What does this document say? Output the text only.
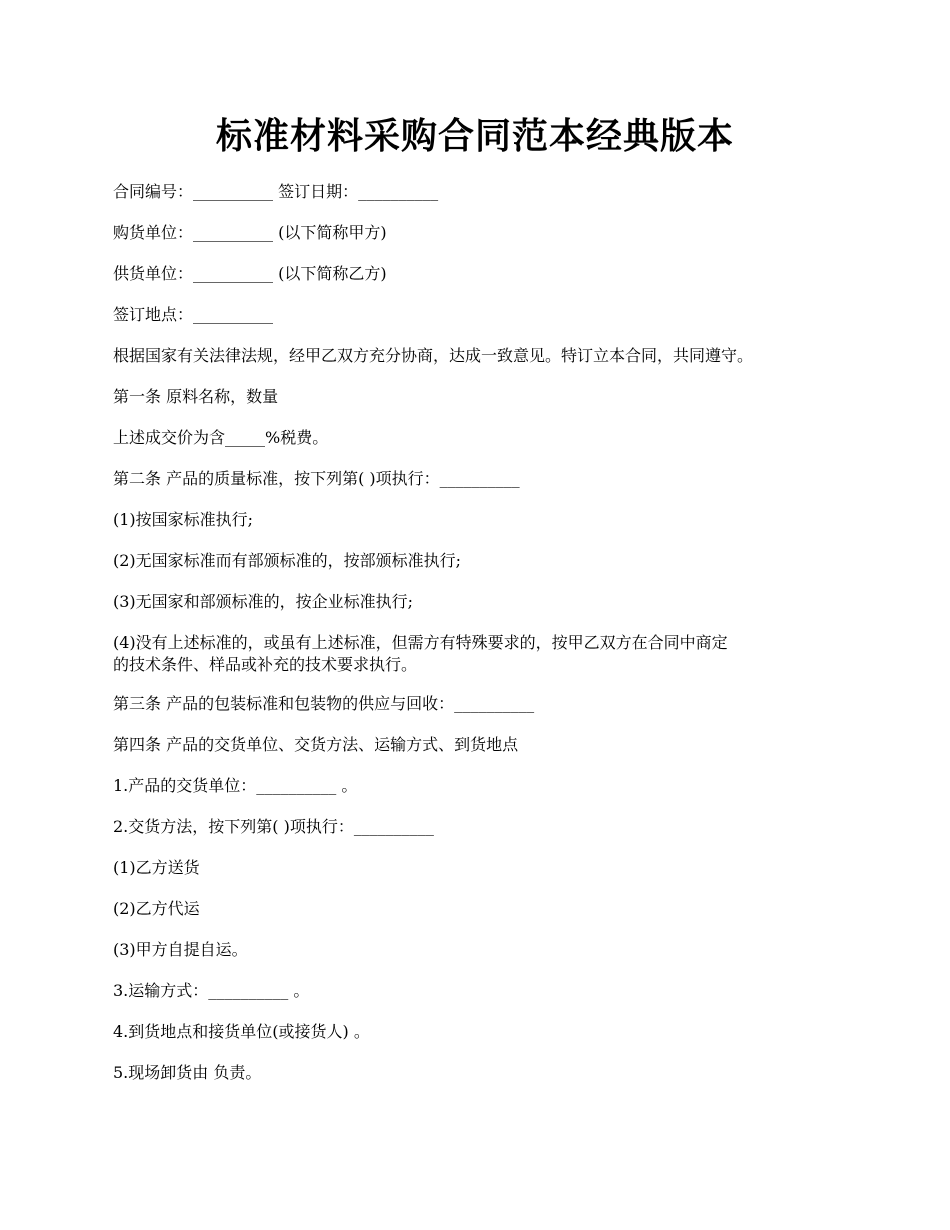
标准材料采购合同范本经典版本

合同编号：__________ 签订日期：__________

购货单位：__________ (以下简称甲方)

供货单位：__________ (以下简称乙方)

签订地点：__________

根据国家有关法律法规，经甲乙双方充分协商，达成一致意见。特订立本合同，共同遵守。

第一条 原料名称，数量

上述成交价为含_____%税费。

第二条 产品的质量标准，按下列第( )项执行：__________

(1)按国家标准执行;

(2)无国家标准而有部颁标准的，按部颁标准执行;

(3)无国家和部颁标准的，按企业标准执行;

(4)没有上述标准的，或虽有上述标准，但需方有特殊要求的，按甲乙双方在合同中商定
的技术条件、样品或补充的技术要求执行。

第三条 产品的包装标准和包装物的供应与回收：__________

第四条 产品的交货单位、交货方法、运输方式、到货地点

1.产品的交货单位：__________ 。

2.交货方法，按下列第( )项执行：__________

(1)乙方送货

(2)乙方代运

(3)甲方自提自运。

3.运输方式：__________ 。

4.到货地点和接货单位(或接货人) 。

5.现场卸货由 负责。
